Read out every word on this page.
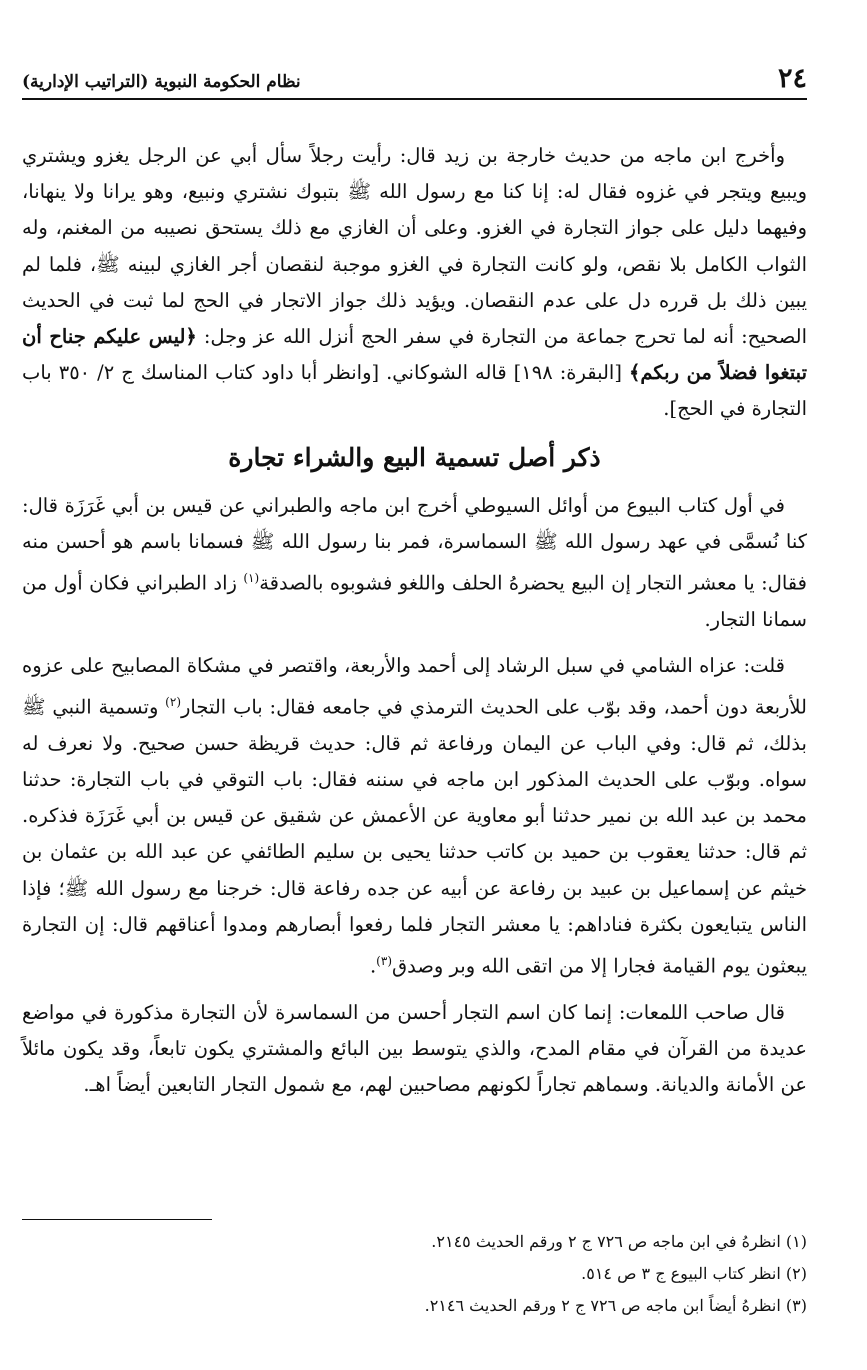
٢٤
نظام الحكومة النبوية (التراتيب الإدارية)

وأخرج ابن ماجه من حديث خارجة بن زيد قال: رأيت رجلاً سأل أبي عن الرجل يغزو ويشتري ويبيع ويتجر في غزوه فقال له: إنا كنا مع رسول الله ﷺ بتبوك نشتري ونبيع، وهو يرانا ولا ينهانا، وفيهما دليل على جواز التجارة في الغزو. وعلى أن الغازي مع ذلك يستحق نصيبه من المغنم، وله الثواب الكامل بلا نقص، ولو كانت التجارة في الغزو موجبة لنقصان أجر الغازي لبينه ﷺ، فلما لم يبين ذلك بل قرره دل على عدم النقصان. ويؤيد ذلك جواز الاتجار في الحج لما ثبت في الحديث الصحيح: أنه لما تحرج جماعة من التجارة في سفر الحج أنزل الله عز وجل: ﴿ليس عليكم جناح أن تبتغوا فضلاً من ربكم﴾ [البقرة: ١٩٨] قاله الشوكاني. [وانظر أبا داود كتاب المناسك ج ٢/ ٣٥٠ باب التجارة في الحج].

ذكر أصل تسمية البيع والشراء تجارة

في أول كتاب البيوع من أوائل السيوطي أخرج ابن ماجه والطبراني عن قيس بن أبي غَرَزَة قال: كنا نُسمَّى في عهد رسول الله ﷺ السماسرة، فمر بنا رسول الله ﷺ فسمانا باسم هو أحسن منه فقال: يا معشر التجار إن البيع يحضرهُ الحلف واللغو فشوبوه بالصدقة$^{(١)}$ زاد الطبراني فكان أول من سمانا التجار.

قلت: عزاه الشامي في سبل الرشاد إلى أحمد والأربعة، واقتصر في مشكاة المصابيح على عزوه للأربعة دون أحمد، وقد بوّب على الحديث الترمذي في جامعه فقال: باب التجار$^{(٢)}$ وتسمية النبي ﷺ بذلك، ثم قال: وفي الباب عن اليمان ورفاعة ثم قال: حديث قريظة حسن صحيح. ولا نعرف له سواه. وبوّب على الحديث المذكور ابن ماجه في سننه فقال: باب التوقي في باب التجارة: حدثنا محمد بن عبد الله بن نمير حدثنا أبو معاوية عن الأعمش عن شقيق عن قيس بن أبي غَرَزَة فذكره. ثم قال: حدثنا يعقوب بن حميد بن كاتب حدثنا يحيى بن سليم الطائفي عن عبد الله بن عثمان بن خيثم عن إسماعيل بن عبيد بن رفاعة عن أبيه عن جده رفاعة قال: خرجنا مع رسول الله ﷺ؛ فإذا الناس يتبايعون بكثرة فناداهم: يا معشر التجار فلما رفعوا أبصارهم ومدوا أعناقهم قال: إن التجارة يبعثون يوم القيامة فجارا إلا من اتقى الله وبر وصدق$^{(٣)}$.

قال صاحب اللمعات: إنما كان اسم التجار أحسن من السماسرة لأن التجارة مذكورة في مواضع عديدة من القرآن في مقام المدح، والذي يتوسط بين البائع والمشتري يكون تابعاً، وقد يكون مائلاً عن الأمانة والديانة. وسماهم تجاراً لكونهم مصاحبين لهم، مع شمول التجار التابعين أيضاً اهـ.

(١) انظرهُ في ابن ماجه ص ٧٢٦ ج ٢ ورقم الحديث ٢١٤٥.
(٢) انظر كتاب البيوع ج ٣ ص ٥١٤.
(٣) انظرهُ أيضاً ابن ماجه ص ٧٢٦ ج ٢ ورقم الحديث ٢١٤٦.
